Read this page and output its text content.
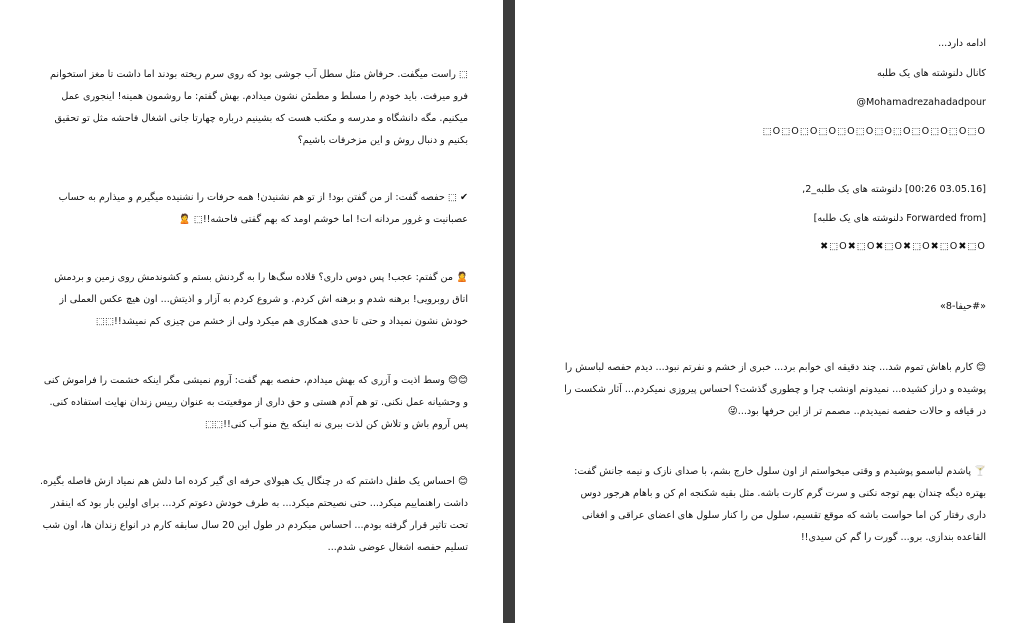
⬚ راست میگفت. حرفاش مثل سطل آب جوشی بود که روی سرم ریخته بودند اما داشت تا مغز استخوانم فرو میرفت. باید خودم را مسلط و مطمئن نشون میدادم. بهش گفتم: ما روشمون همینه! اینجوری عمل میکنیم. مگه دانشگاه و مدرسه و مکتب هست که بشینیم درباره چهارتا جانی اشغال فاحشه مثل تو تحقیق بکنیم و دنبال روش و این مزخرفات باشیم؟
✔ ⬚ حفصه گفت: از من گفتن بود! از تو هم نشنیدن! همه حرفات را نشنیده میگیرم و میذارم به حساب عصبانیت و غرور مردانه ات! اما خوشم اومد که بهم گفتی فاحشه!!⬚ 🙎
🙎 من گفتم: عجب! پس دوس داری؟ قلاده سگ‌ها را به گردنش بستم و کشوندمش روی زمین و بردمش اتاق روبرویی! برهنه شدم و برهنه اش کردم. و شروع کردم به آزار و اذیتش... اون هیچ عکس العملی از خودش نشون نمیداد و حتی تا حدی همکاری هم میکرد ولی از خشم من چیزی کم نمیشد!!⬚⬚
😊😊 وسط اذیت و آزری که بهش میدادم، حفصه بهم گفت: آروم نمیشی مگر اینکه خشمت را فراموش کنی و وحشیانه عمل نکنی. تو هم آدم هستی و حق داری از موقعیتت به عنوان رییس زندان نهایت استفاده کنی. پس آروم باش و تلاش کن لذت ببری نه اینکه یخ منو آب کنی!!⬚⬚
😊 احساس یک طفل داشتم که در چنگال یک هیولای حرفه ای گیر کرده اما دلش هم نمیاد ازش فاصله بگیره. داشت راهنماییم میکرد... حتی نصیحتم میکرد... به طرف خودش دعوتم کرد... برای اولین بار بود که اینقدر تحت تاثیر قرار گرفته بودم... احساس میکردم در طول این 20 سال سابقه کارم در انواع زندان ها، اون شب تسلیم حفصه اشغال عوضی شدم...
ادامه دارد...
کانال دلنوشته های یک طلبه
@Mohamadrezahadadpour
⬚O⬚O⬚O⬚O⬚O⬚O⬚O⬚O⬚O⬚O⬚O⬚O
[03.05.16 00:26] دلنوشته های یک طلبه_2,
[Forwarded from دلنوشته های یک طلبه]
✖⬚O✖⬚O✖⬚O✖⬚O✖⬚O✖⬚O
«#حیفا-8»
😊 کارم باهاش تموم شد... چند دقیقه ای خوابم برد... خبری از خشم و نفرتم نبود... دیدم حفصه لباسش را پوشیده و دراز کشیده... نمیدونم اونشب چرا و چطوری گذشت؟ احساس پیروزی نمیکردم... آثار شکست را در قیافه و حالات حفصه نمیدیدم.. مصمم تر از این حرفها بود...😜
🍸 پاشدم لباسمو پوشیدم و وقتی میخواستم از اون سلول خارج بشم، با صدای نازک و نیمه جانش گفت: بهتره دیگه چندان بهم توجه نکنی و سرت گرم کارت باشه. مثل بقیه شکنجه ام کن و باهام هرجور دوس داری رفتار کن اما حواست باشه که موقع تقسیم، سلول من را کنار سلول های اعضای عراقی و افغانی القاعده بندازی. برو... گورت را گم کن سیدی!!
